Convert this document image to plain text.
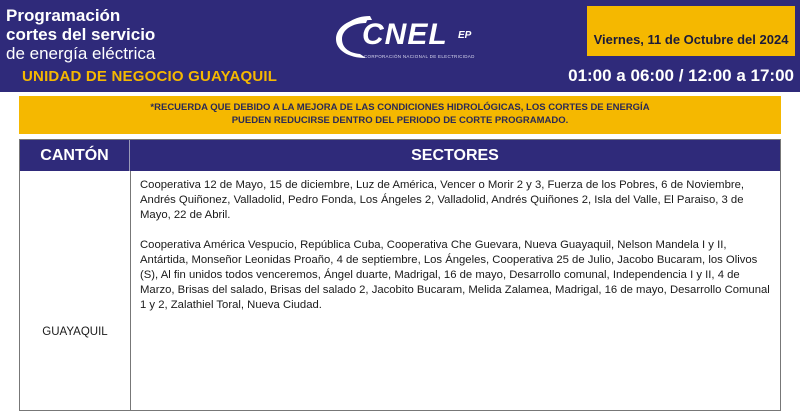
Programación
cortes del servicio
de energía eléctrica
UNIDAD DE NEGOCIO GUAYAQUIL
CNEL EP
CORPORACIÓN NACIONAL DE ELECTRICIDAD
Viernes, 11 de Octubre del 2024
01:00 a 06:00 / 12:00 a 17:00
*RECUERDA QUE DEBIDO A LA MEJORA DE LAS CONDICIONES HIDROLÓGICAS, LOS CORTES DE ENERGÍA
PUEDEN REDUCIRSE DENTRO DEL PERIODO DE CORTE PROGRAMADO.
CANTÓN	SECTORES
GUAYAQUIL

Cooperativa 12 de Mayo, 15 de diciembre, Luz de América, Vencer o Morir 2 y 3, Fuerza de los Pobres, 6 de Noviembre, Andrés Quiñonez, Valladolid, Pedro Fonda, Los Ángeles 2, Valladolid, Andrés Quiñones 2, Isla del Valle, El Paraiso, 3 de Mayo, 22 de Abril.

Cooperativa América Vespucio, República Cuba, Cooperativa Che Guevara, Nueva Guayaquil, Nelson Mandela I y II, Antártida, Monseñor Leonidas Proaño, 4 de septiembre, Los Ángeles, Cooperativa 25 de Julio, Jacobo Bucaram, los Olivos (S), Al fin unidos todos venceremos, Ángel duarte, Madrigal, 16 de mayo, Desarrollo comunal, Independencia I y II, 4 de Marzo, Brisas del salado, Brisas del salado 2, Jacobito Bucaram, Melida Zalamea, Madrigal, 16 de mayo, Desarrollo Comunal 1 y 2, Zalathiel Toral, Nueva Ciudad.
